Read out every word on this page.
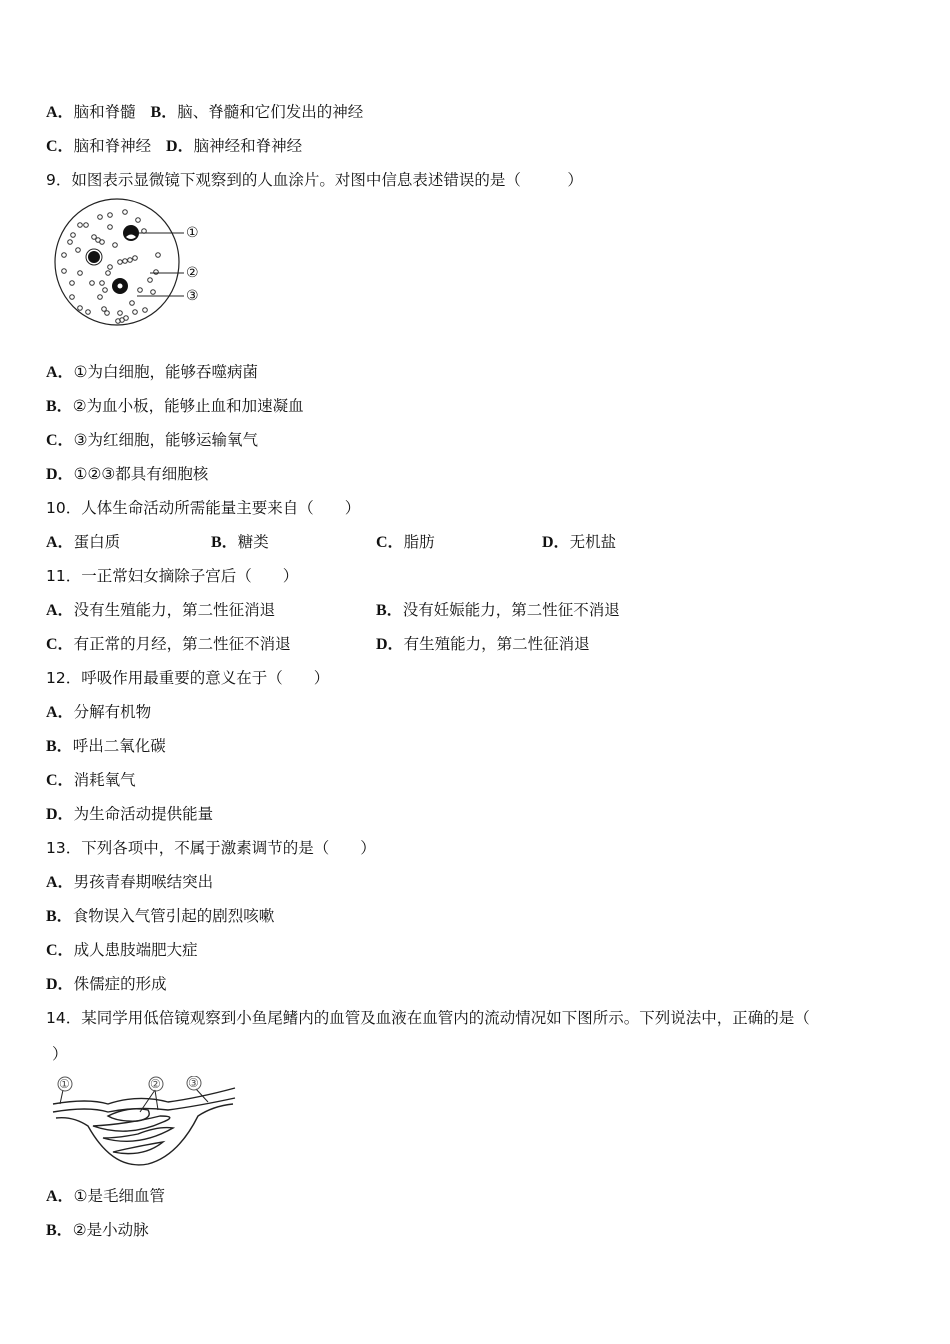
A．脑和脊髓 B．脑、脊髓和它们发出的神经
C．脑和脊神经 D．脑神经和脊神经
9．如图表示显微镜下观察到的人血涂片。对图中信息表述错误的是（　　　）
①
②
③
A．①为白细胞，能够吞噬病菌
B．②为血小板，能够止血和加速凝血
C．③为红细胞，能够运输氧气
D．①②③都具有细胞核
10．人体生命活动所需能量主要来自（　　）
A．蛋白质	B．糖类	C．脂肪	D．无机盐
11．一正常妇女摘除子宫后（　　）
A．没有生殖能力，第二性征消退	B．没有妊娠能力，第二性征不消退
C．有正常的月经，第二性征不消退	D．有生殖能力，第二性征消退
12．呼吸作用最重要的意义在于（　　）
A．分解有机物
B．呼出二氧化碳
C．消耗氧气
D．为生命活动提供能量
13．下列各项中，不属于激素调节的是（　　）
A．男孩青春期喉结突出
B．食物误入气管引起的剧烈咳嗽
C．成人患肢端肥大症
D．侏儒症的形成
14．某同学用低倍镜观察到小鱼尾鳍内的血管及血液在血管内的流动情况如下图所示。下列说法中，正确的是（
）
①	② ③
A．①是毛细血管
B．②是小动脉
